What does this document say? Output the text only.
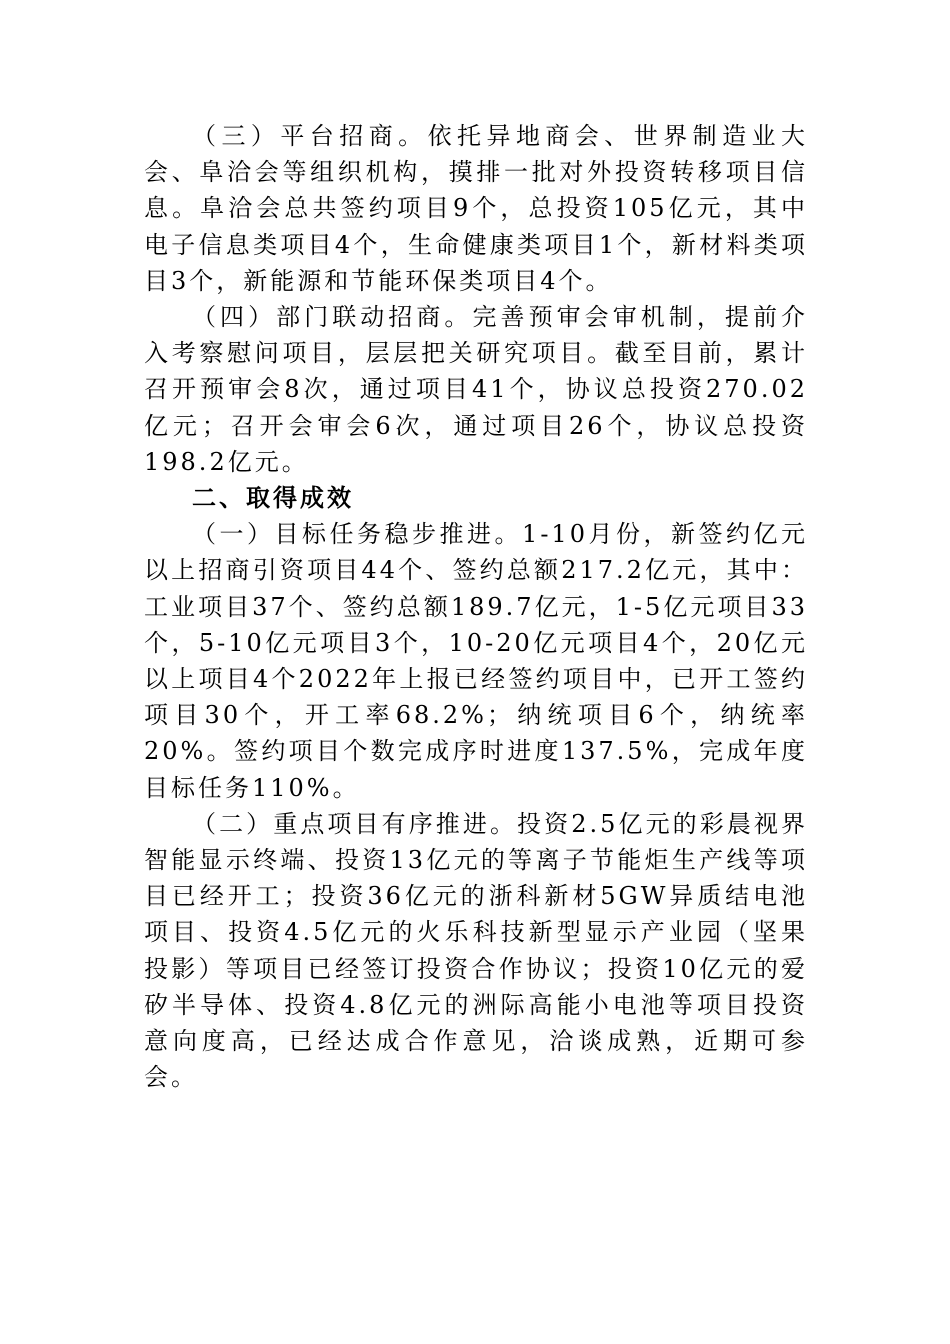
（三）平台招商。依托异地商会、世界制造业大会、阜洽会等组织机构，摸排一批对外投资转移项目信息。阜洽会总共签约项目9个，总投资105亿元，其中电子信息类项目4个，生命健康类项目1个，新材料类项目3个，新能源和节能环保类项目4个。

（四）部门联动招商。完善预审会审机制，提前介入考察慰问项目，层层把关研究项目。截至目前，累计召开预审会8次，通过项目41个，协议总投资270.02亿元；召开会审会6次，通过项目26个，协议总投资198.2亿元。

二、取得成效

（一）目标任务稳步推进。1-10月份，新签约亿元以上招商引资项目44个、签约总额217.2亿元，其中：工业项目37个、签约总额189.7亿元，1-5亿元项目33个，5-10亿元项目3个，10-20亿元项目4个，20亿元以上项目4个2022年上报已经签约项目中，已开工签约项目30个，开工率68.2%；纳统项目6个，纳统率20%。签约项目个数完成序时进度137.5%，完成年度目标任务110%。

（二）重点项目有序推进。投资2.5亿元的彩晨视界智能显示终端、投资13亿元的等离子节能炬生产线等项目已经开工；投资36亿元的浙科新材5GW异质结电池项目、投资4.5亿元的火乐科技新型显示产业园（坚果投影）等项目已经签订投资合作协议；投资10亿元的爱矽半导体、投资4.8亿元的洲际高能小电池等项目投资意向度高，已经达成合作意见，洽谈成熟，近期可参会。
